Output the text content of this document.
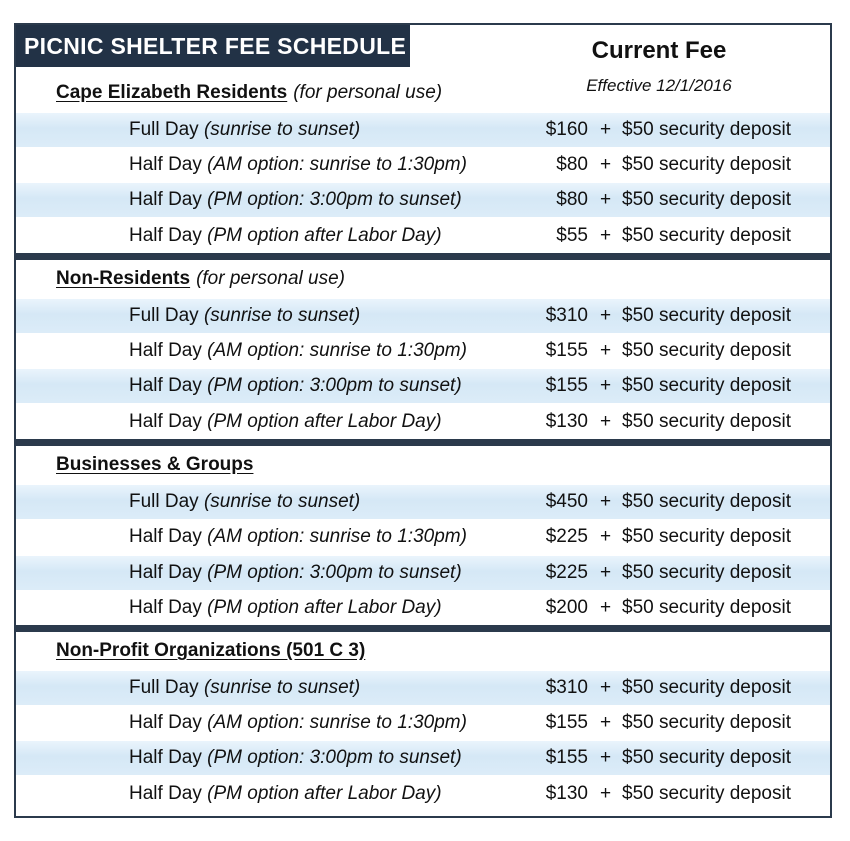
PICNIC SHELTER FEE SCHEDULE	Current Fee
Effective 12/1/2016
Cape Elizabeth Residents (for personal use)
Full Day (sunrise to sunset)	$160 + $50 security deposit
Half Day (AM option: sunrise to 1:30pm)	$80 + $50 security deposit
Half Day (PM option: 3:00pm to sunset)	$80 + $50 security deposit
Half Day (PM option after Labor Day)	$55 + $50 security deposit
Non-Residents (for personal use)
Full Day (sunrise to sunset)	$310 + $50 security deposit
Half Day (AM option: sunrise to 1:30pm)	$155 + $50 security deposit
Half Day (PM option: 3:00pm to sunset)	$155 + $50 security deposit
Half Day (PM option after Labor Day)	$130 + $50 security deposit
Businesses & Groups
Full Day (sunrise to sunset)	$450 + $50 security deposit
Half Day (AM option: sunrise to 1:30pm)	$225 + $50 security deposit
Half Day (PM option: 3:00pm to sunset)	$225 + $50 security deposit
Half Day (PM option after Labor Day)	$200 + $50 security deposit
Non-Profit Organizations (501 C 3)
Full Day (sunrise to sunset)	$310 + $50 security deposit
Half Day (AM option: sunrise to 1:30pm)	$155 + $50 security deposit
Half Day (PM option: 3:00pm to sunset)	$155 + $50 security deposit
Half Day (PM option after Labor Day)	$130 + $50 security deposit
